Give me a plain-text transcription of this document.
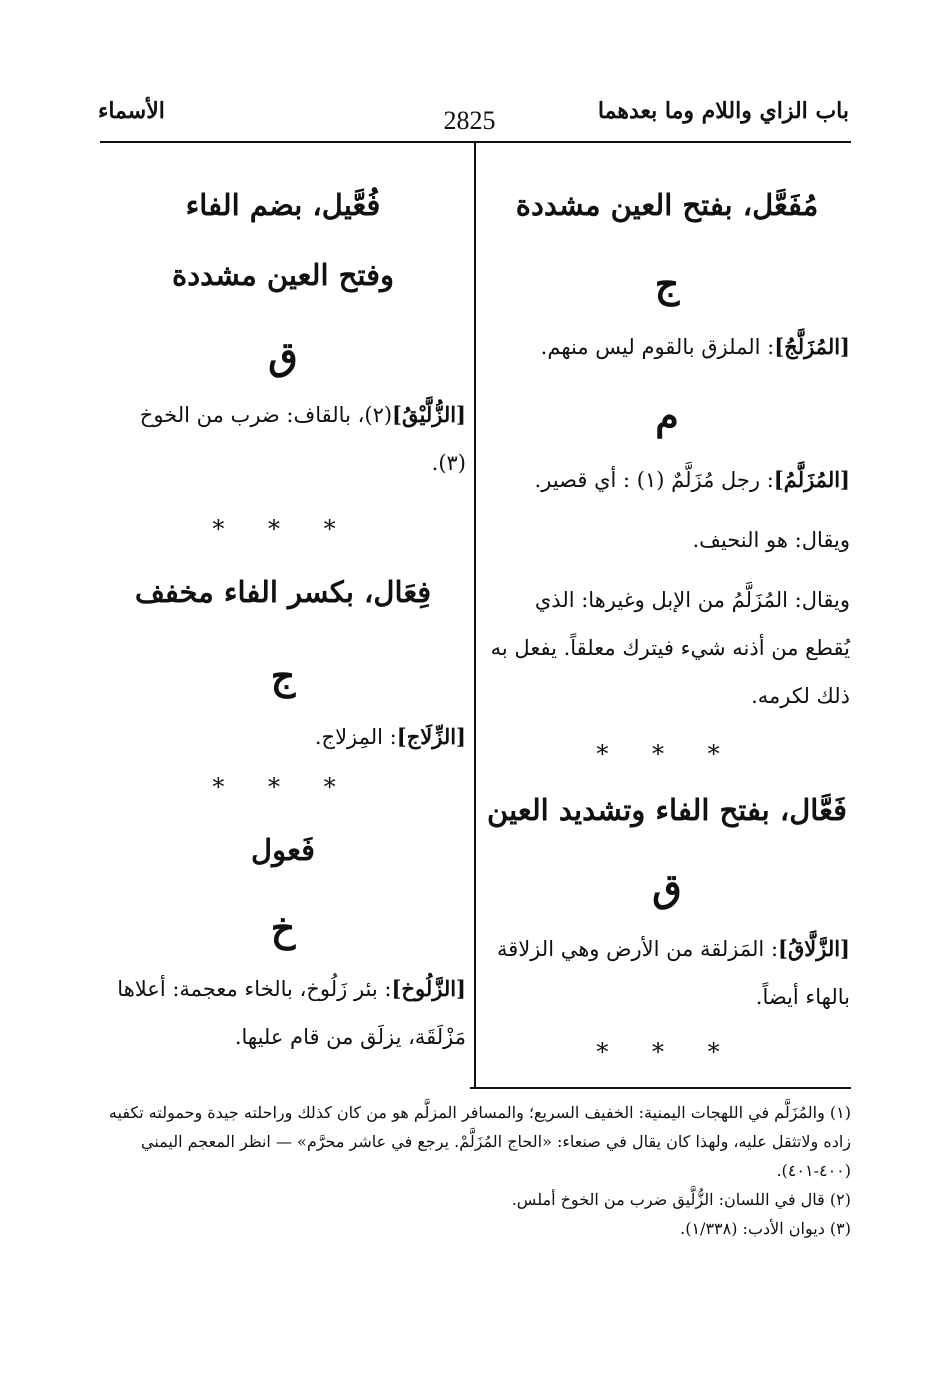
باب الزاي واللام وما بعدهما
2825
الأسماء
مُفَعَّل، بفتح العين مشددة
ج
[المُزَلَّجُ]: الملزق بالقوم ليس منهم.
م
[المُزَلَّمُ]: رجل مُزَلَّمٌ (١) : أي قصير.
ويقال: هو النحيف.
ويقال: المُزَلَّمُ من الإبل وغيرها: الذي يُقطع من أذنه شيء فيترك معلقاً. يفعل به ذلك لكرمه.
* * *
فَعَّال، بفتح الفاء وتشديد العين
ق
[الزَّلَّاقُ]: المَزلقة من الأرض وهي الزلاقة بالهاء أيضاً.
* * *
فُعَّيل، بضم الفاء
وفتح العين مشددة
ق
[الزُّلَّيْقُ](٢)، بالقاف: ضرب من الخوخ (٣).
* * *
فِعَال، بكسر الفاء مخفف
ج
[الزِّلَاج]: المِزلاج.
* * *
فَعول
خ
[الزَّلُوخ]: بئر زَلُوخ، بالخاء معجمة: أعلاها مَزْلَقَة، يزلَق من قام عليها.
(١) والمُزَلَّم في اللهجات اليمنية: الخفيف السريع؛ والمسافر المزلَّم هو من كان كذلك وراحلته جيدة وحمولته تكفيه زاده ولاتثقل عليه، ولهذا كان يقال في صنعاء: «الحاج المُزَلَّمْ. يرجع في عاشر محرَّم» — انظر المعجم اليمني (٤٠٠-٤٠١).
(٢) قال في اللسان: الزُّلَّيق ضرب من الخوخ أملس.
(٣) ديوان الأدب: (١/٣٣٨).
